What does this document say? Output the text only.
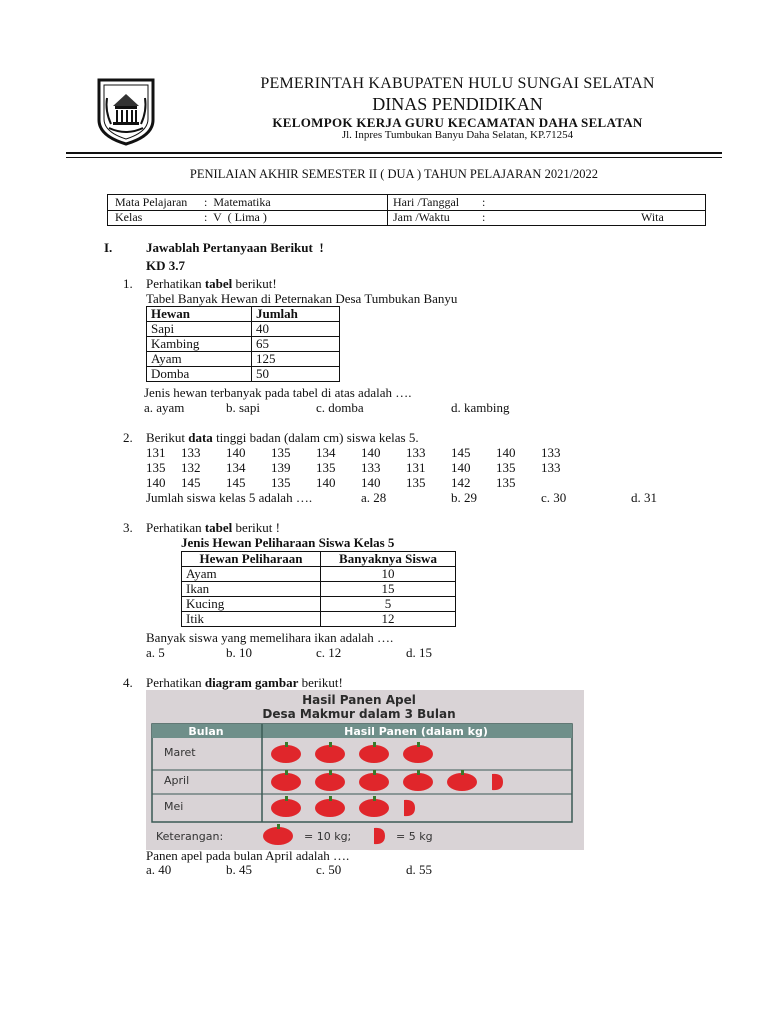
PEMERINTAH KABUPATEN HULU SUNGAI SELATAN
DINAS PENDIDIKAN
KELOMPOK KERJA GURU KECAMATAN DAHA SELATAN
Jl. Inpres Tumbukan Banyu Daha Selatan, KP.71254
PENILAIAN AKHIR SEMESTER II ( DUA ) TAHUN PELAJARAN 2021/2022
Mata Pelajaran :  Matematika
Kelas	:  V  ( Lima )
Hari /Tanggal :
Jam /Waktu	:	Wita
I.	Jawablah Pertanyaan Berikut  !
KD 3.7
1. Perhatikan tabel berikut!
Tabel Banyak Hewan di Peternakan Desa Tumbukan Banyu
Hewan	Jumlah
Sapi	40
Kambing	65
Ayam	125
Domba	50
Jenis hewan terbanyak pada tabel di atas adalah ….
a. ayam	b. sapi	c. domba	d. kambing
2. Berikut data tinggi badan (dalam cm) siswa kelas 5.
131 133 140 135 134 140 133 145 140 133
135 132 134 139 135 133 131 140 135 133
140 145 145 135 140 140 135 142 135
Jumlah siswa kelas 5 adalah ….	a. 28	b. 29	c. 30	d. 31
3. Perhatikan tabel berikut !
Jenis Hewan Peliharaan Siswa Kelas 5
Hewan Peliharaan	Banyaknya Siswa
Ayam	10
Ikan	15
Kucing	5
Itik	12
Banyak siswa yang memelihara ikan adalah ….
a. 5	b. 10	c. 12	d. 15
4. Perhatikan diagram gambar berikut!
Hasil Panen Apel
Desa Makmur dalam 3 Bulan
Bulan	Hasil Panen (dalam kg)
Maret
April
Mei
Keterangan:	= 10 kg;	= 5 kg
Panen apel pada bulan April adalah ….
a. 40	b. 45	c. 50	d. 55
